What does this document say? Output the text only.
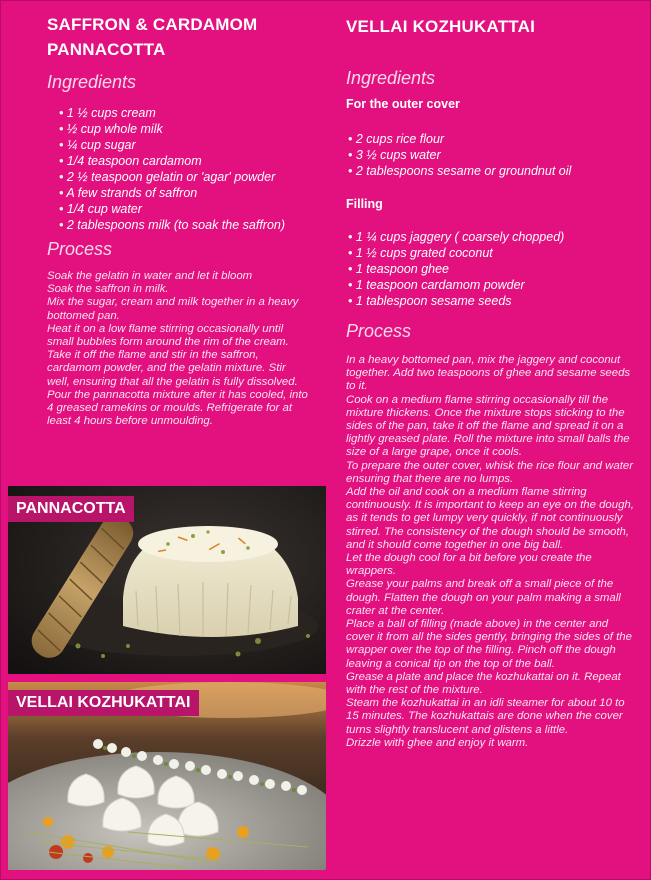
SAFFRON & CARDAMOM
PANNACOTTA
Ingredients
• 1 ½ cups cream
• ½ cup whole milk
• ¼ cup sugar
• 1/4 teaspoon cardamom
• 2 ½ teaspoon gelatin or 'agar' powder
• A few strands of saffron
• 1/4 cup water
• 2 tablespoons milk (to soak the saffron)
Process

Soak the gelatin in water and let it bloom

Soak the saffron in milk.

Mix the sugar, cream and milk together in a heavy bottomed pan.

Heat it on a low flame stirring occasionally until small bubbles form around the rim of the cream. Take it off the flame and stir in the saffron, cardamom powder, and the gelatin mixture. Stir well, ensuring that all the gelatin is fully dissolved.

Pour the pannacotta mixture after it has cooled, into 4 greased ramekins or moulds. Refrigerate for at least 4 hours before unmoulding.

VELLAI KOZHUKATTAI
Ingredients
For the outer cover
• 2 cups rice flour
• 3 ½ cups water
• 2 tablespoons sesame or groundnut oil
Filling
• 1 ¼ cups jaggery ( coarsely chopped)
• 1 ½ cups grated coconut
• 1 teaspoon ghee
• 1 teaspoon cardamom powder
• 1 tablespoon sesame seeds
Process

In a heavy bottomed pan, mix the jaggery and coconut together. Add two teaspoons of ghee and sesame seeds to it.

Cook on a medium flame stirring occasionally till the mixture thickens. Once the mixture stops sticking to the sides of the pan, take it off the flame and spread it on a lightly greased plate. Roll the mixture into small balls the size of a large grape, once it cools.

To prepare the outer cover, whisk the rice flour and water ensuring that there are no lumps.

Add the oil and cook on a medium flame stirring continuously. It is important to keep an eye on the dough, as it tends to get lumpy very quickly, if not continuously stirred. The consistency of the dough should be smooth, and it should come together in one big ball.

Let the dough cool for a bit before you create the wrappers.

Grease your palms and break off a small piece of the dough. Flatten the dough on your palm making a small crater at the center.

Place a ball of filling (made above) in the center and cover it from all the sides gently, bringing the sides of the wrapper over the top of the filling. Pinch off the dough leaving a conical tip on the top of the ball.

Grease a plate and place the kozhukattai on it. Repeat with the rest of the mixture.

Steam the kozhukattai in an idli steamer for about 10 to 15 minutes. The kozhukattais are done when the cover turns slightly translucent and glistens a little.

Drizzle with ghee and enjoy it warm.

PANNACOTTA
VELLAI KOZHUKATTAI
